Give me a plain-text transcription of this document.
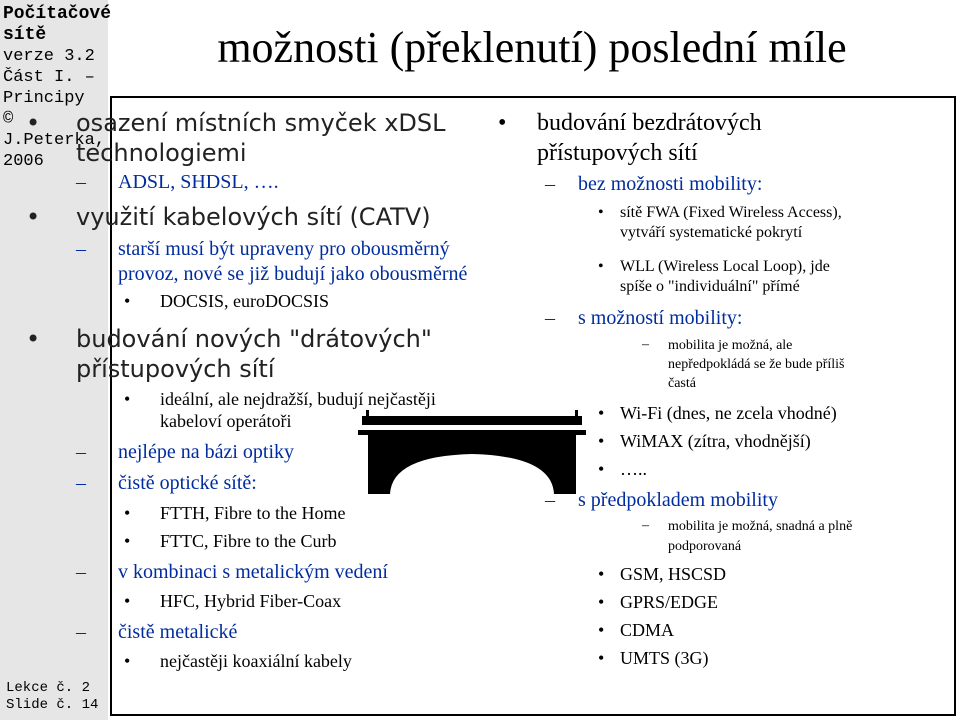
Počítačové sítě
verze 3.2
Část I. – Principy
© J.Peterka, 2006
Lekce č. 2
Slide č. 14
možnosti (překlenutí) poslední míle
• osazení místních smyček xDSL
technologiemi
– ADSL, SHDSL, ….
• využití kabelových sítí (CATV)
– starší musí být upraveny pro obousměrný
provoz, nové se již budují jako obousměrné
• DOCSIS, euroDOCSIS
• budování nových "drátových"
přístupových sítí
• ideální, ale nejdražší, budují nejčastěji
kabeloví operátoři
– nejlépe na bázi optiky
– čistě optické sítě:
• FTTH, Fibre to the Home
• FTTC, Fibre to the Curb
– v kombinaci s metalickým vedení
• HFC, Hybrid Fiber-Coax
– čistě metalické
• nejčastěji koaxiální kabely
• budování bezdrátových
přístupových sítí
– bez možnosti mobility:
• sítě FWA (Fixed Wireless Access),
vytváří systematické pokrytí
• WLL (Wireless Local Loop), jde
spíše o "individuální" přímé
– s možností mobility:
– mobilita je možná, ale
nepředpokládá se že bude příliš
častá
• Wi-Fi (dnes, ne zcela vhodné)
• WiMAX (zítra, vhodnější)
• …..
– s předpokladem mobility
– mobilita je možná, snadná a plně
podporovaná
• GSM, HSCSD
• GPRS/EDGE
• CDMA
• UMTS (3G)
